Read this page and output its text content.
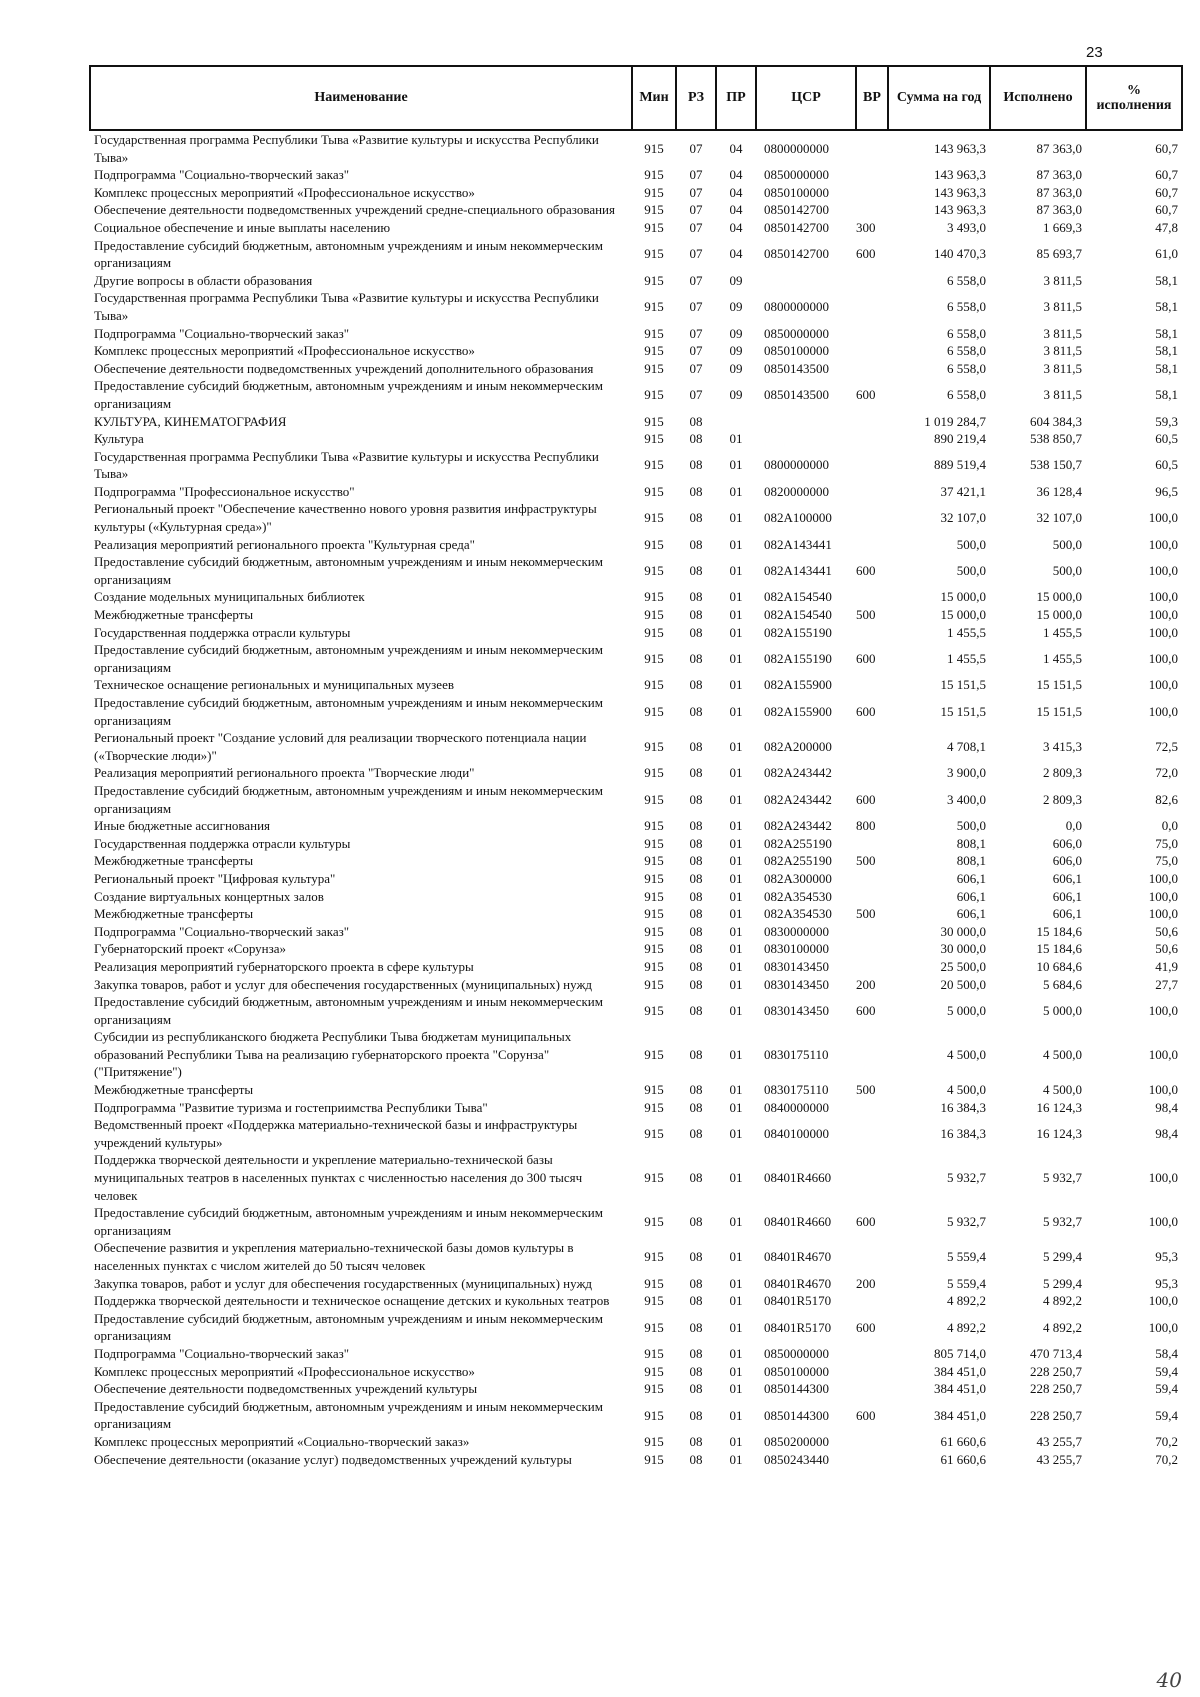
23
Наименование	Мин	РЗ	ПР	ЦСР	ВР	Сумма на год	Исполнено	% исполнения
Государственная программа Республики Тыва «Развитие культуры и искусства Республики Тыва»	915	07	04	0800000000		143 963,3	87 363,0	60,7
Подпрограмма "Социально-творческий заказ"	915	07	04	0850000000		143 963,3	87 363,0	60,7
Комплекс процессных мероприятий «Профессиональное искусство»	915	07	04	0850100000		143 963,3	87 363,0	60,7
Обеспечение деятельности подведомственных учреждений средне-специального образования	915	07	04	0850142700		143 963,3	87 363,0	60,7
Социальное обеспечение и иные выплаты населению	915	07	04	0850142700	300	3 493,0	1 669,3	47,8
Предоставление субсидий бюджетным, автономным учреждениям и иным некоммерческим организациям	915	07	04	0850142700	600	140 470,3	85 693,7	61,0
Другие вопросы в области образования	915	07	09			6 558,0	3 811,5	58,1
Государственная программа Республики Тыва «Развитие культуры и искусства Республики Тыва»	915	07	09	0800000000		6 558,0	3 811,5	58,1
Подпрограмма "Социально-творческий заказ"	915	07	09	0850000000		6 558,0	3 811,5	58,1
Комплекс процессных мероприятий «Профессиональное искусство»	915	07	09	0850100000		6 558,0	3 811,5	58,1
Обеспечение деятельности подведомственных учреждений дополнительного образования	915	07	09	0850143500		6 558,0	3 811,5	58,1
Предоставление субсидий бюджетным, автономным учреждениям и иным некоммерческим организациям	915	07	09	0850143500	600	6 558,0	3 811,5	58,1
КУЛЬТУРА, КИНЕМАТОГРАФИЯ	915	08				1 019 284,7	604 384,3	59,3
Культура	915	08	01			890 219,4	538 850,7	60,5
Государственная программа Республики Тыва «Развитие культуры и искусства Республики Тыва»	915	08	01	0800000000		889 519,4	538 150,7	60,5
Подпрограмма "Профессиональное искусство"	915	08	01	0820000000		37 421,1	36 128,4	96,5
Региональный проект "Обеспечение качественно нового уровня развития инфраструктуры культуры («Культурная среда»)"	915	08	01	082A100000		32 107,0	32 107,0	100,0
Реализация мероприятий регионального проекта "Культурная среда"	915	08	01	082A143441		500,0	500,0	100,0
Предоставление субсидий бюджетным, автономным учреждениям и иным некоммерческим организациям	915	08	01	082A143441	600	500,0	500,0	100,0
Создание модельных муниципальных библиотек	915	08	01	082A154540		15 000,0	15 000,0	100,0
Межбюджетные трансферты	915	08	01	082A154540	500	15 000,0	15 000,0	100,0
Государственная поддержка отрасли культуры	915	08	01	082A155190		1 455,5	1 455,5	100,0
Предоставление субсидий бюджетным, автономным учреждениям и иным некоммерческим организациям	915	08	01	082A155190	600	1 455,5	1 455,5	100,0
Техническое оснащение региональных и муниципальных музеев	915	08	01	082A155900		15 151,5	15 151,5	100,0
Предоставление субсидий бюджетным, автономным учреждениям и иным некоммерческим организациям	915	08	01	082A155900	600	15 151,5	15 151,5	100,0
Региональный проект "Создание условий для реализации творческого потенциала нации («Творческие люди»)"	915	08	01	082A200000		4 708,1	3 415,3	72,5
Реализация мероприятий регионального проекта "Творческие люди"	915	08	01	082A243442		3 900,0	2 809,3	72,0
Предоставление субсидий бюджетным, автономным учреждениям и иным некоммерческим организациям	915	08	01	082A243442	600	3 400,0	2 809,3	82,6
Иные бюджетные ассигнования	915	08	01	082A243442	800	500,0	0,0	0,0
Государственная поддержка отрасли культуры	915	08	01	082A255190		808,1	606,0	75,0
Межбюджетные трансферты	915	08	01	082A255190	500	808,1	606,0	75,0
Региональный проект "Цифровая культура"	915	08	01	082A300000		606,1	606,1	100,0
Создание виртуальных концертных залов	915	08	01	082A354530		606,1	606,1	100,0
Межбюджетные трансферты	915	08	01	082A354530	500	606,1	606,1	100,0
Подпрограмма "Социально-творческий заказ"	915	08	01	0830000000		30 000,0	15 184,6	50,6
Губернаторский проект «Сорунза»	915	08	01	0830100000		30 000,0	15 184,6	50,6
Реализация мероприятий губернаторского проекта в сфере культуры	915	08	01	0830143450		25 500,0	10 684,6	41,9
Закупка товаров, работ и услуг для обеспечения государственных (муниципальных) нужд	915	08	01	0830143450	200	20 500,0	5 684,6	27,7
Предоставление субсидий бюджетным, автономным учреждениям и иным некоммерческим организациям	915	08	01	0830143450	600	5 000,0	5 000,0	100,0
Субсидии из республиканского бюджета Республики Тыва бюджетам муниципальных образований Республики Тыва на реализацию губернаторского проекта "Сорунза" ("Притяжение")	915	08	01	0830175110		4 500,0	4 500,0	100,0
Межбюджетные трансферты	915	08	01	0830175110	500	4 500,0	4 500,0	100,0
Подпрограмма "Развитие туризма и гостеприимства Республики Тыва"	915	08	01	0840000000		16 384,3	16 124,3	98,4
Ведомственный проект «Поддержка материально-технической базы и инфраструктуры учреждений культуры»	915	08	01	0840100000		16 384,3	16 124,3	98,4
Поддержка творческой деятельности и укрепление материально-технической базы муниципальных театров в населенных пунктах с численностью населения до 300 тысяч человек	915	08	01	08401R4660		5 932,7	5 932,7	100,0
Предоставление субсидий бюджетным, автономным учреждениям и иным некоммерческим организациям	915	08	01	08401R4660	600	5 932,7	5 932,7	100,0
Обеспечение развития и укрепления материально-технической базы домов культуры в населенных пунктах с числом жителей до 50 тысяч человек	915	08	01	08401R4670		5 559,4	5 299,4	95,3
Закупка товаров, работ и услуг для обеспечения государственных (муниципальных) нужд	915	08	01	08401R4670	200	5 559,4	5 299,4	95,3
Поддержка творческой деятельности и техническое оснащение детских и кукольных театров	915	08	01	08401R5170		4 892,2	4 892,2	100,0
Предоставление субсидий бюджетным, автономным учреждениям и иным некоммерческим организациям	915	08	01	08401R5170	600	4 892,2	4 892,2	100,0
Подпрограмма "Социально-творческий заказ"	915	08	01	0850000000		805 714,0	470 713,4	58,4
Комплекс процессных мероприятий «Профессиональное искусство»	915	08	01	0850100000		384 451,0	228 250,7	59,4
Обеспечение деятельности подведомственных учреждений культуры	915	08	01	0850144300		384 451,0	228 250,7	59,4
Предоставление субсидий бюджетным, автономным учреждениям и иным некоммерческим организациям	915	08	01	0850144300	600	384 451,0	228 250,7	59,4
Комплекс процессных мероприятий «Социально-творческий заказ»	915	08	01	0850200000		61 660,6	43 255,7	70,2
Обеспечение деятельности (оказание услуг) подведомственных учреждений культуры	915	08	01	0850243440		61 660,6	43 255,7	70,2
40
